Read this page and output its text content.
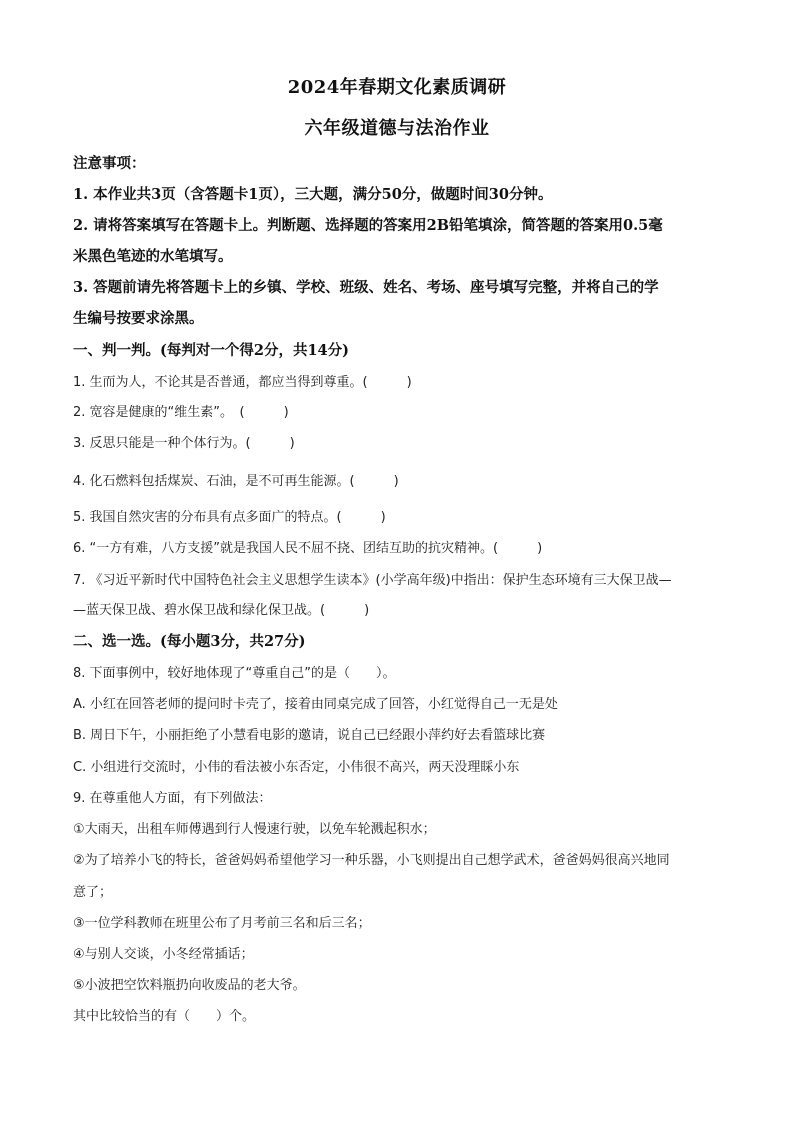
2024年春期文化素质调研
六年级道德与法治作业
注意事项：
1. 本作业共3页（含答题卡1页），三大题，满分50分，做题时间30分钟。
2. 请将答案填写在答题卡上。判断题、选择题的答案用2B铅笔填涂，简答题的答案用0.5毫
米黑色笔迹的水笔填写。
3. 答题前请先将答题卡上的乡镇、学校、班级、姓名、考场、座号填写完整，并将自己的学
生编号按要求涂黑。
一、判一判。(每判对一个得2分，共14分)
1. 生而为人，不论其是否普通，都应当得到尊重。(　　　)
2. 宽容是健康的“维生素”。　(　　　)
3. 反思只能是一种个体行为。(　　　)
4. 化石燃料包括煤炭、石油，是不可再生能源。(　　　)
5. 我国自然灾害的分布具有点多面广的特点。(　　　)
6. “一方有难，八方支援”就是我国人民不屈不挠、团结互助的抗灾精神。(　　　)
7. 《习近平新时代中国特色社会主义思想学生读本》(小学高年级)中指出：保护生态环境有三大保卫战—
—蓝天保卫战、碧水保卫战和绿化保卫战。(　　　)
二、选一选。(每小题3分，共27分)
8. 下面事例中，较好地体现了“尊重自己”的是（　　）。
A. 小红在回答老师的提问时卡壳了，接着由同桌完成了回答，小红觉得自己一无是处
B. 周日下午，小丽拒绝了小慧看电影的邀请，说自己已经跟小萍约好去看篮球比赛
C. 小组进行交流时，小伟的看法被小东否定，小伟很不高兴，两天没理睬小东
9. 在尊重他人方面，有下列做法：
①大雨天，出租车师傅遇到行人慢速行驶，以免车轮溅起积水；
②为了培养小飞的特长，爸爸妈妈希望他学习一种乐器，小飞则提出自己想学武术，爸爸妈妈很高兴地同
意了；
③一位学科教师在班里公布了月考前三名和后三名；
④与别人交谈，小冬经常插话；
⑤小波把空饮料瓶扔向收废品的老大爷。
其中比较恰当的有（　　）个。
